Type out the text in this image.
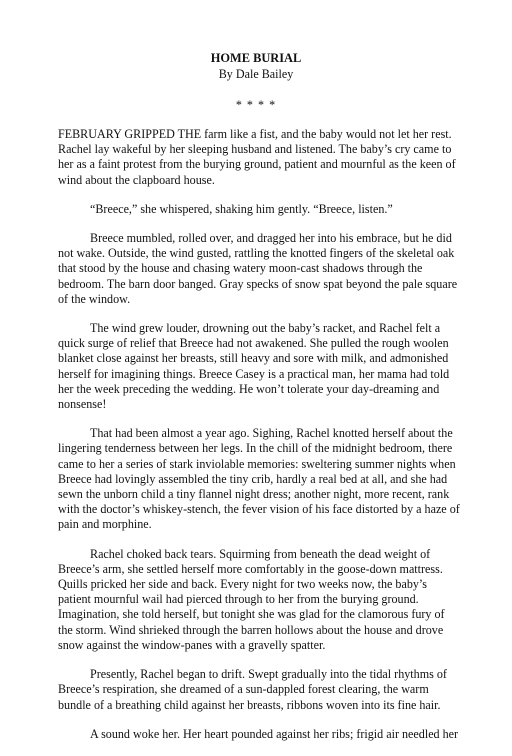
HOME BURIAL

By Dale Bailey

* * * *

FEBRUARY GRIPPED THE farm like a fist, and the baby would not let her rest. Rachel lay wakeful by her sleeping husband and listened. The baby’s cry came to her as a faint protest from the burying ground, patient and mournful as the keen of wind about the clapboard house.

“Breece,” she whispered, shaking him gently. “Breece, listen.”

Breece mumbled, rolled over, and dragged her into his embrace, but he did not wake. Outside, the wind gusted, rattling the knotted fingers of the skeletal oak that stood by the house and chasing watery moon-cast shadows through the bedroom. The barn door banged. Gray specks of snow spat beyond the pale square of the window.

The wind grew louder, drowning out the baby’s racket, and Rachel felt a quick surge of relief that Breece had not awakened. She pulled the rough woolen blanket close against her breasts, still heavy and sore with milk, and admonished herself for imagining things. Breece Casey is a practical man, her mama had told her the week preceding the wedding. He won’t tolerate your day-dreaming and nonsense!

That had been almost a year ago. Sighing, Rachel knotted herself about the lingering tenderness between her legs. In the chill of the midnight bedroom, there came to her a series of stark inviolable memories: sweltering summer nights when Breece had lovingly assembled the tiny crib, hardly a real bed at all, and she had sewn the unborn child a tiny flannel night dress; another night, more recent, rank with the doctor’s whiskey-stench, the fever vision of his face distorted by a haze of pain and morphine.

Rachel choked back tears. Squirming from beneath the dead weight of Breece’s arm, she settled herself more comfortably in the goose-down mattress. Quills pricked her side and back. Every night for two weeks now, the baby’s patient mournful wail had pierced through to her from the burying ground. Imagination, she told herself, but tonight she was glad for the clamorous fury of the storm. Wind shrieked through the barren hollows about the house and drove snow against the window-panes with a gravelly spatter.

Presently, Rachel began to drift. Swept gradually into the tidal rhythms of Breece’s respiration, she dreamed of a sun-dappled forest clearing, the warm bundle of a breathing child against her breasts, ribbons woven into its fine hair.

A sound woke her. Her heart pounded against her ribs; frigid air needled her
